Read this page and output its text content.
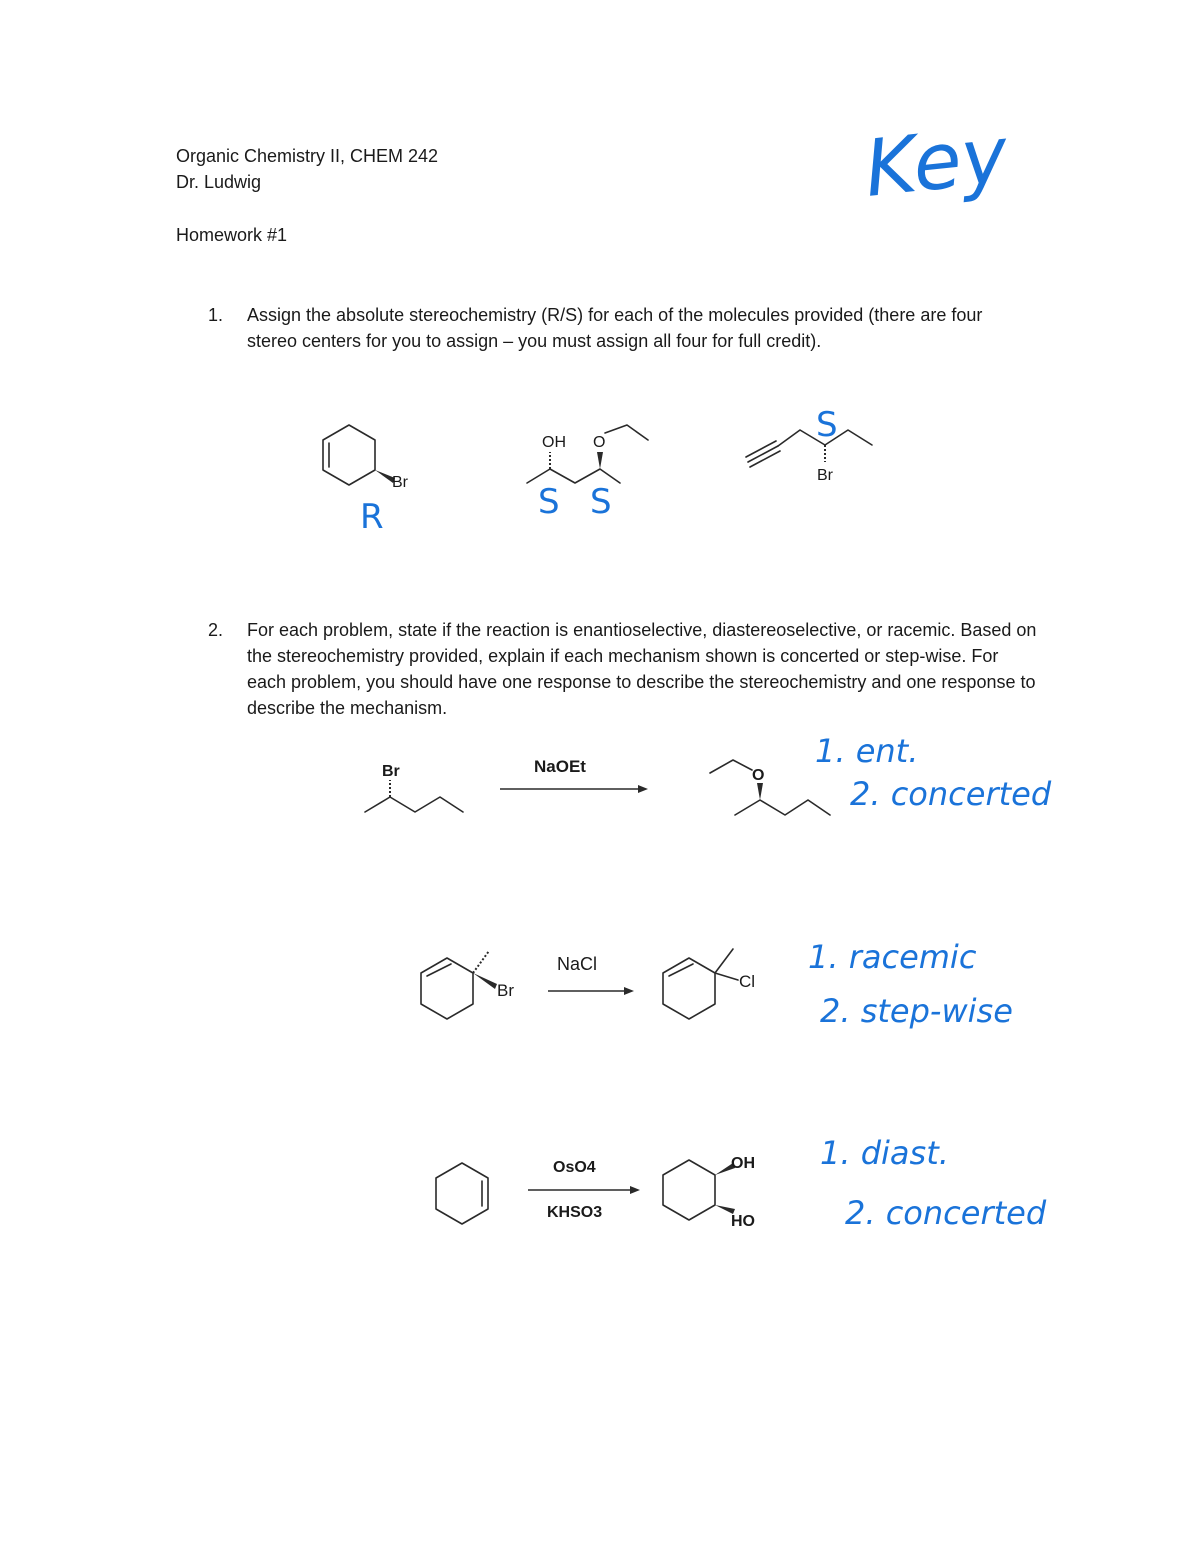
Organic Chemistry II, CHEM 242
Dr. Ludwig
Homework #1
1. Assign the absolute stereochemistry (R/S) for each of the molecules provided (there are four stereo centers for you to assign – you must assign all four for full credit).
2. For each problem, state if the reaction is enantioselective, diastereoselective, or racemic. Based on the stereochemistry provided, explain if each mechanism shown is concerted or step-wise. For each problem, you should have one response to describe the stereochemistry and one response to describe the mechanism.
Key
Br
R
OH O
S S
Br
S
Br	NaOEt	O
1. ent.
2. concerted
Br
NaCl
Cl
1. racemic
2. step-wise
OsO4
KHSO3
OH
HO
1. diast.
2. concerted
